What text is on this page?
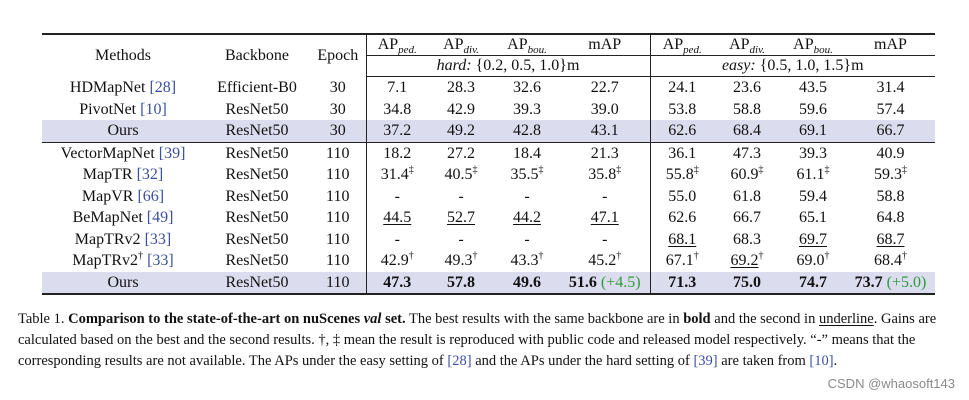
Methods	Backbone	Epoch	$AP_{ped.}$	$AP_{div.}$	$AP_{bou.}$	mAP	$AP_{ped.}$	$AP_{div.}$	$AP_{bou.}$	mAP
			hard: {0.2, 0.5, 1.0}m				easy: {0.5, 1.0, 1.5}m			
HDMapNet [28]	Efficient-B0	30	7.1	28.3	32.6	22.7	24.1	23.6	43.5	31.4
PivotNet [10]	ResNet50	30	34.8	42.9	39.3	39.0	53.8	58.8	59.6	57.4
Ours	ResNet50	30	37.2	49.2	42.8	43.1	62.6	68.4	69.1	66.7
VectorMapNet [39]	ResNet50	110	18.2	27.2	18.4	21.3	36.1	47.3	39.3	40.9
MapTR [32]	ResNet50	110	31.4‡	40.5‡	35.5‡	35.8‡	55.8‡	60.9‡	61.1‡	59.3‡
MapVR [66]	ResNet50	110	-	-	-	-	55.0	61.8	59.4	58.8
BeMapNet [49]	ResNet50	110	44.5	52.7	44.2	47.1	62.6	66.7	65.1	64.8
MapTRv2 [33]	ResNet50	110	-	-	-	-	68.1	68.3	69.7	68.7
MapTRv2† [33]	ResNet50	110	42.9†	49.3†	43.3†	45.2†	67.1†	69.2†	69.0†	68.4†
Ours	ResNet50	110	47.3	57.8	49.6	51.6 (+4.5)	71.3	75.0	74.7	73.7 (+5.0)
Table 1. Comparison to the state-of-the-art on nuScenes val set. The best results with the same backbone are in bold and the second in underline. Gains are calculated based on the best and the second results. †, ‡ mean the result is reproduced with public code and released model respectively. “-” means that the corresponding results are not available. The APs under the easy setting of [28] and the APs under the hard setting of [39] are taken from [10].
CSDN @whaosoft143
